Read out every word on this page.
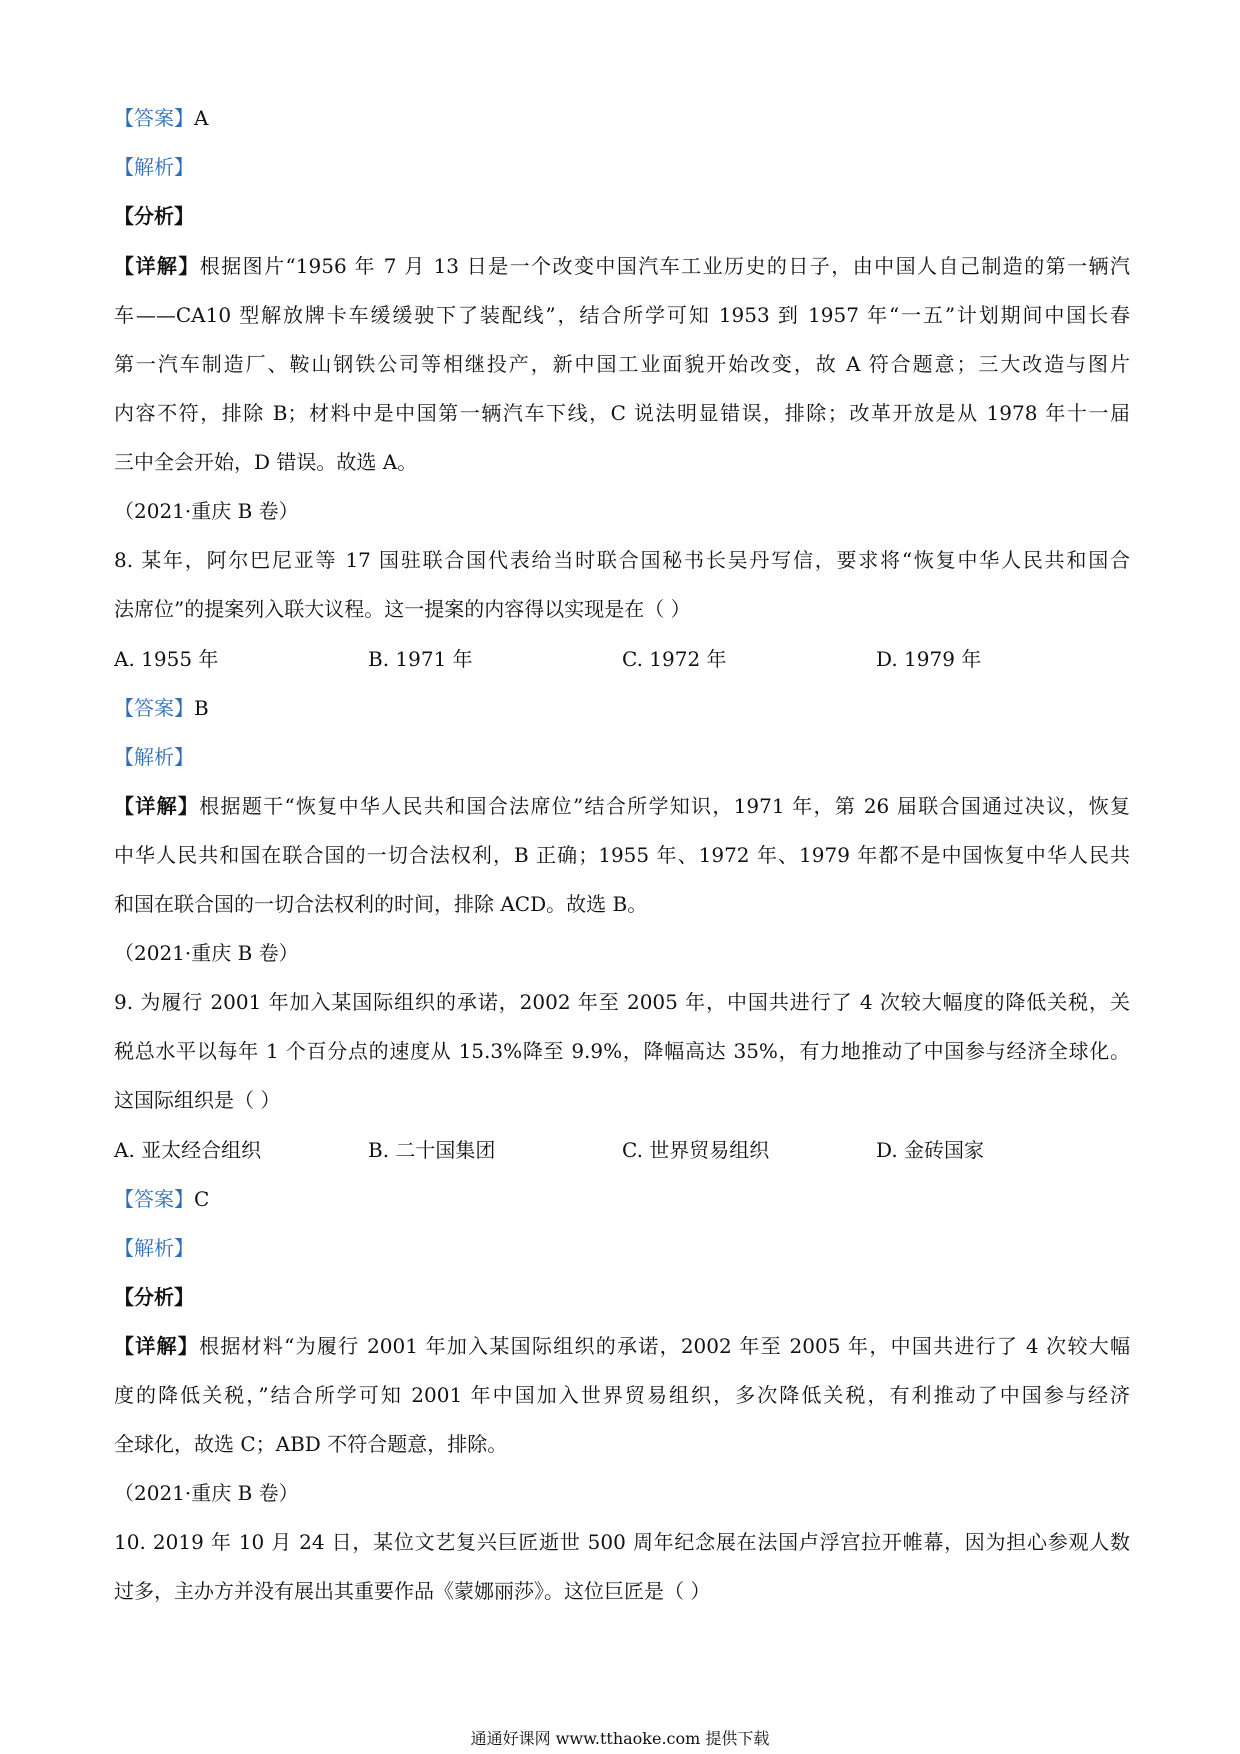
【答案】A
【解析】
【分析】
【详解】根据图片“1956 年 7 月 13 日是一个改变中国汽车工业历史的日子，由中国人自己制造的第一辆汽
车——CA10 型解放牌卡车缓缓驶下了装配线”，结合所学可知 1953 到 1957 年“一五”计划期间中国长春
第一汽车制造厂、鞍山钢铁公司等相继投产，新中国工业面貌开始改变，故 A 符合题意；三大改造与图片
内容不符，排除 B；材料中是中国第一辆汽车下线，C 说法明显错误，排除；改革开放是从 1978 年十一届
三中全会开始，D 错误。故选 A。
（2021·重庆 B 卷）
8. 某年，阿尔巴尼亚等 17 国驻联合国代表给当时联合国秘书长吴丹写信，要求将“恢复中华人民共和国合
法席位”的提案列入联大议程。这一提案的内容得以实现是在（ ）
A. 1955 年	B. 1971 年	C. 1972 年	D. 1979 年
【答案】B
【解析】
【详解】根据题干“恢复中华人民共和国合法席位”结合所学知识，1971 年，第 26 届联合国通过决议，恢复
中华人民共和国在联合国的一切合法权利，B 正确；1955 年、1972 年、1979 年都不是中国恢复中华人民共
和国在联合国的一切合法权利的时间，排除 ACD。故选 B。
（2021·重庆 B 卷）
9. 为履行 2001 年加入某国际组织的承诺，2002 年至 2005 年，中国共进行了 4 次较大幅度的降低关税，关
税总水平以每年 1 个百分点的速度从 15.3%降至 9.9%，降幅高达 35%，有力地推动了中国参与经济全球化。
这国际组织是（ ）
A. 亚太经合组织	B. 二十国集团	C. 世界贸易组织	D. 金砖国家
【答案】C
【解析】
【分析】
【详解】根据材料“为履行 2001 年加入某国际组织的承诺，2002 年至 2005 年，中国共进行了 4 次较大幅
度的降低关税，”结合所学可知 2001 年中国加入世界贸易组织，多次降低关税，有利推动了中国参与经济
全球化，故选 C；ABD 不符合题意，排除。
（2021·重庆 B 卷）
10. 2019 年 10 月 24 日，某位文艺复兴巨匠逝世 500 周年纪念展在法国卢浮宫拉开帷幕，因为担心参观人数
过多，主办方并没有展出其重要作品《蒙娜丽莎》。这位巨匠是（ ）
通通好课网 www.tthaoke.com 提供下载
